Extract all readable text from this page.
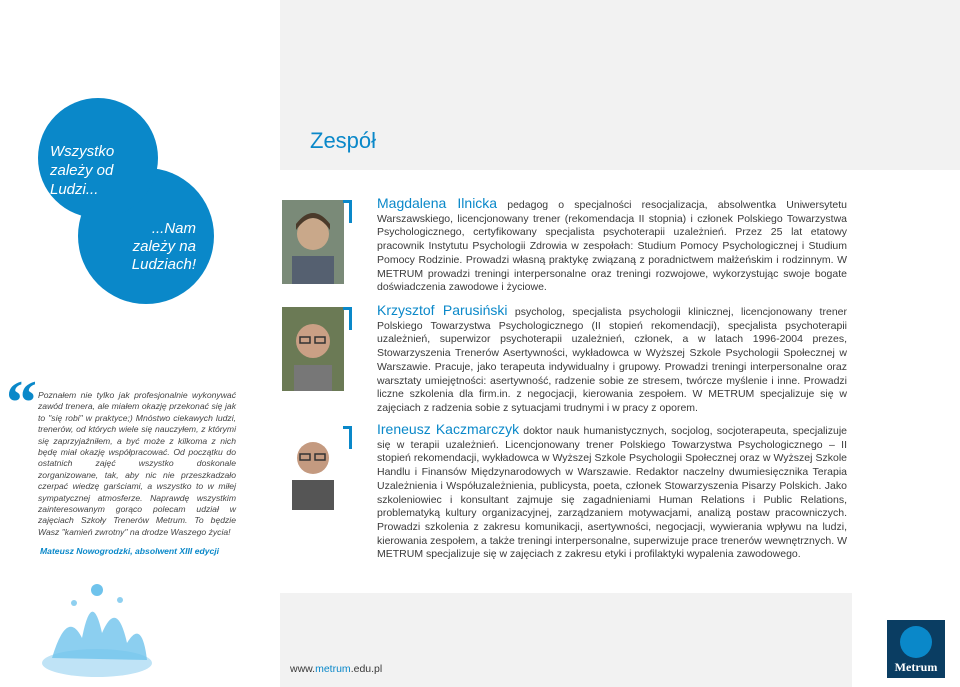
...Nam zależy na Ludziach!
Wszystko zależy od Ludzi...
“ Poznałem nie tylko jak profesjonalnie wykonywać zawód trenera, ale miałem okazję przekonać się jak to "się robi" w praktyce;) Mnóstwo ciekawych ludzi, trenerów, od których wiele się nauczyłem, z którymi się zaprzyjaźniłem, a być może z kilkoma z nich będę miał okazję współpracować. Od początku do ostatnich zajęć wszystko doskonale zorganizowane, tak, aby nic nie przeszkadzało czerpać wiedzę garściami, a wszystko to w miłej sympatycznej atmosferze. Naprawdę wszystkim zainteresowanym gorąco polecam udział w zajęciach Szkoły Trenerów Metrum. To będzie Wasz "kamień zwrotny" na drodze Waszego życia!
Mateusz Nowogrodzki, absolwent XIII edycji
Zespół
Magdalena Ilnicka pedagog o specjalności resocjalizacja, absolwentka Uniwersytetu Warszawskiego, licencjonowany trener (rekomendacja II stopnia) i członek Polskiego Towarzystwa Psychologicznego, certyfikowany specjalista psychoterapii uzależnień. Przez 25 lat etatowy pracownik Instytutu Psychologii Zdrowia w zespołach: Studium Pomocy Psychologicznej i Studium Pomocy Rodzinie. Prowadzi własną praktykę związaną z poradnictwem małżeńskim i rodzinnym. W METRUM prowadzi treningi interpersonalne oraz treningi rozwojowe, wykorzystując swoje bogate doświadczenia zawodowe i życiowe.
Krzysztof Parusiński psycholog, specjalista psychologii klinicznej, licencjonowany trener Polskiego Towarzystwa Psychologicznego (II stopień rekomendacji), specjalista psychoterapii uzależnień, superwizor psychoterapii uzależnień, członek, a w latach 1996-2004 prezes, Stowarzyszenia Trenerów Asertywności, wykładowca w Wyższej Szkole Psychologii Społecznej w Warszawie. Pracuje, jako terapeuta indywidualny i grupowy. Prowadzi treningi interpersonalne oraz warsztaty umiejętności: asertywność, radzenie sobie ze stresem, twórcze myślenie i inne. Prowadzi liczne szkolenia dla firm.in. z negocjacji, kierowania zespołem. W METRUM specjalizuje się w zajęciach z radzenia sobie z sytuacjami trudnymi i w pracy z oporem.
Ireneusz Kaczmarczyk doktor nauk humanistycznych, socjolog, socjoterapeuta, specjalizuje się w terapii uzależnień. Licencjonowany trener Polskiego Towarzystwa Psychologicznego – II stopień rekomendacji, wykładowca w Wyższej Szkole Psychologii Społecznej oraz w Wyższej Szkole Handlu i Finansów Międzynarodowych w Warszawie. Redaktor naczelny dwumiesięcznika Terapia Uzależnienia i Współuzależnienia, publicysta, poeta, członek Stowarzyszenia Pisarzy Polskich. Jako szkoleniowiec i konsultant zajmuje się zagadnieniami Human Relations i Public Relations, problematyką kultury organizacyjnej, zarządzaniem motywacjami, analizą postaw pracowniczych. Prowadzi szkolenia z zakresu komunikacji, asertywności, negocjacji, wywierania wpływu na ludzi, kierowania zespołem, a także treningi interpersonalne, superwizuje prace trenerów wewnętrznych. W METRUM specjalizuje się w zajęciach z zakresu etyki i profilaktyki wypalenia zawodowego.
www.metrum.edu.pl	Metrum
